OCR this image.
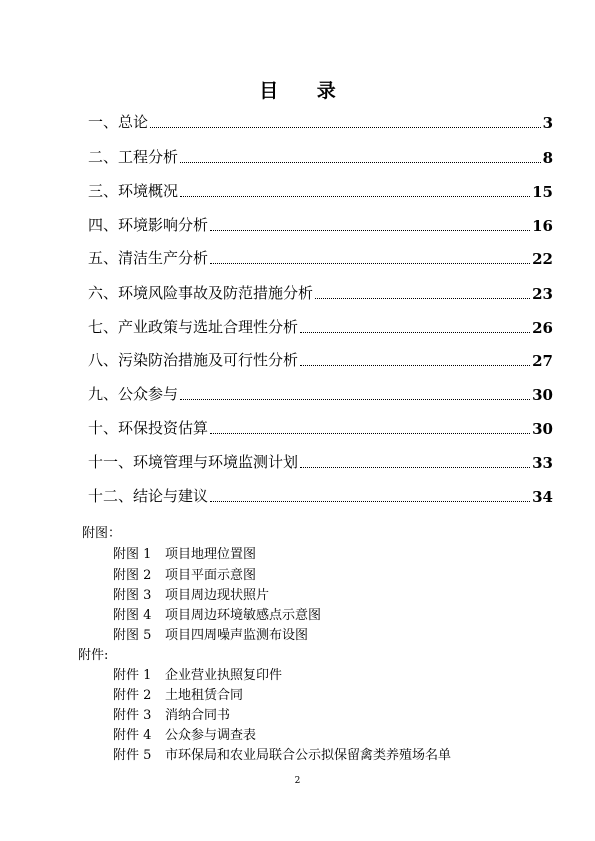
目 录
一、总论	3
二、工程分析	8
三、环境概况	15
四、环境影响分析	16
五、清洁生产分析	22
六、环境风险事故及防范措施分析	23
七、产业政策与选址合理性分析	26
八、污染防治措施及可行性分析	27
九、公众参与	30
十、环保投资估算	30
十一、环境管理与环境监测计划	33
十二、结论与建议	34
附图：
附图 1 项目地理位置图
附图 2 项目平面示意图
附图 3 项目周边现状照片
附图 4 项目周边环境敏感点示意图
附图 5 项目四周噪声监测布设图
附件:
附件 1 企业营业执照复印件
附件 2 土地租赁合同
附件 3 消纳合同书
附件 4 公众参与调查表
附件 5 市环保局和农业局联合公示拟保留禽类养殖场名单
2
